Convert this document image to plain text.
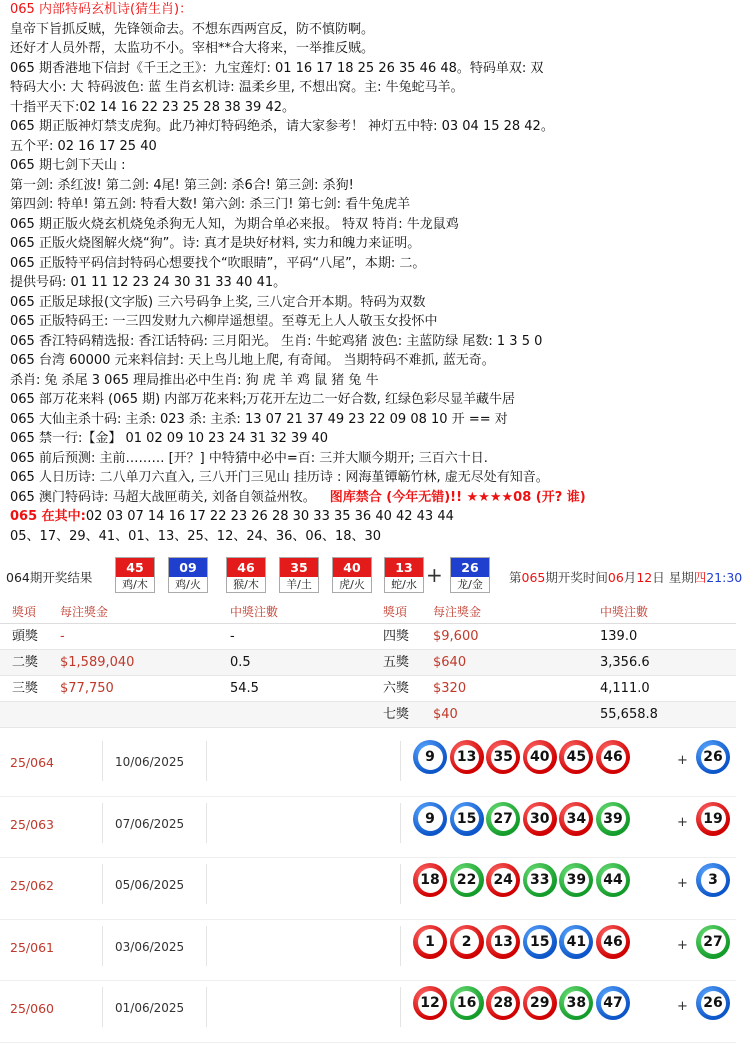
065 内部特码玄机诗(猜生肖)：
皇帝下旨抓反贼，先锋领命去。不想东西两宫反，防不慎防啊。
还好才人员外帮，太监功不小。宰相**合大将来，一举推反贼。
065 期香港地下信封《千王之王》：九宝莲灯: 01 16 17 18 25 26 35 46 48。特码单双: 双
特码大小: 大 特码波色: 蓝 生肖玄机诗: 温柔乡里, 不想出窝。主: 牛兔蛇马羊。
十指平天下:02 14 16 22 23 25 28 38 39 42。
065 期正版神灯禁支虎狗。此乃神灯特码绝杀，请大家参考！ 神灯五中特: 03 04 15 28 42。
五个平: 02 16 17 25 40
065 期七剑下天山 :
第一剑: 杀红波! 第二剑: 4尾! 第三剑: 杀6合! 第三剑: 杀狗!
第四剑: 特单! 第五剑: 特看大数! 第六剑: 杀三门! 第七剑: 看牛兔虎羊
065 期正版火烧玄机烧兔杀狗无人知，为期合单必来报。 特双 特肖: 牛龙鼠鸡
065 正版火烧图解火烧“狗”。诗: 真才是块好材料, 实力和魄力来证明。
065 正版特平码信封特码心想要找个“吹眼睛”，平码“八尾”，本期: 二。
提供号码: 01 11 12 23 24 30 31 33 40 41。
065 正版足球报(文字版) 三六号码争上奖, 三八定合开本期。特码为双数
065 正版特码王: 一三四发财九六柳岸遥想望。至尊无上人人敬玉女投怀中
065 香江特码精选报: 香江话特码: 三月阳光。 生肖: 牛蛇鸡猪 波色: 主蓝防绿 尾数: 1 3 5 0
065 台湾 60000 元来料信封: 天上鸟儿地上爬, 有奇闻。 当期特码不难抓, 蓝无奇。
杀肖: 兔 杀尾 3 065 理局推出必中生肖: 狗 虎 羊 鸡 鼠 猪 兔 牛
065 部万花来料 (065 期) 内部万花来料;万花开左边二一好合数, 红绿色彩尽显羊藏牛居
065 大仙主杀十码: 主杀: 023 杀: 主杀: 13 07 21 37 49 23 22 09 08 10 开 == 对
065 禁一行:【金】 01 02 09 10 23 24 31 32 39 40
065 前后预测: 主前……… [开？] 中特猜中必中=百: 三并大顺今期开; 三百六十日.
065 人日历诗: 二八单刀六直入, 三八开门三见山 挂历诗 : 网海堇镡簕竹林, 虚无尽处有知音。
065 澳门特码诗: 马超大战匣萌关, 刘备自领益州牧。 图库禁合 (今年无错)!! ★★★★08 (开? 谁)
065 在其中:02 03 07 14 16 17 22 23 26 28 30 33 35 36 40 42 43 44
05、17、29、41、01、13、25、12、24、36、06、18、30
064期开奖结果
45
鸡/木
09
鸡/火
46
猴/木
35
羊/土
40
虎/火
13
蛇/水
26
龙/金
+	第065期开奖时间06月12日 星期四21:30
獎項 每注獎金	中獎注數	獎項 每注獎金	中獎注數
頭獎 -	-	四獎 $9,600	139.0
二獎 $1,589,040	0.5	五獎 $640	3,356.6
三獎 $77,750	54.5	六獎 $320	4,111.0
七獎 $40	55,658.8
25/064	10/06/2025	9	13 35 40 45 46	+ 26
25/063	07/06/2025	9	15 27 30 34 39	+ 19
25/062	05/06/2025	18 22 24 33 39 44	+	3
25/061	03/06/2025	1	2	13 15 41 46	+ 27
25/060	01/06/2025	12 16 28 29 38 47	+ 26
